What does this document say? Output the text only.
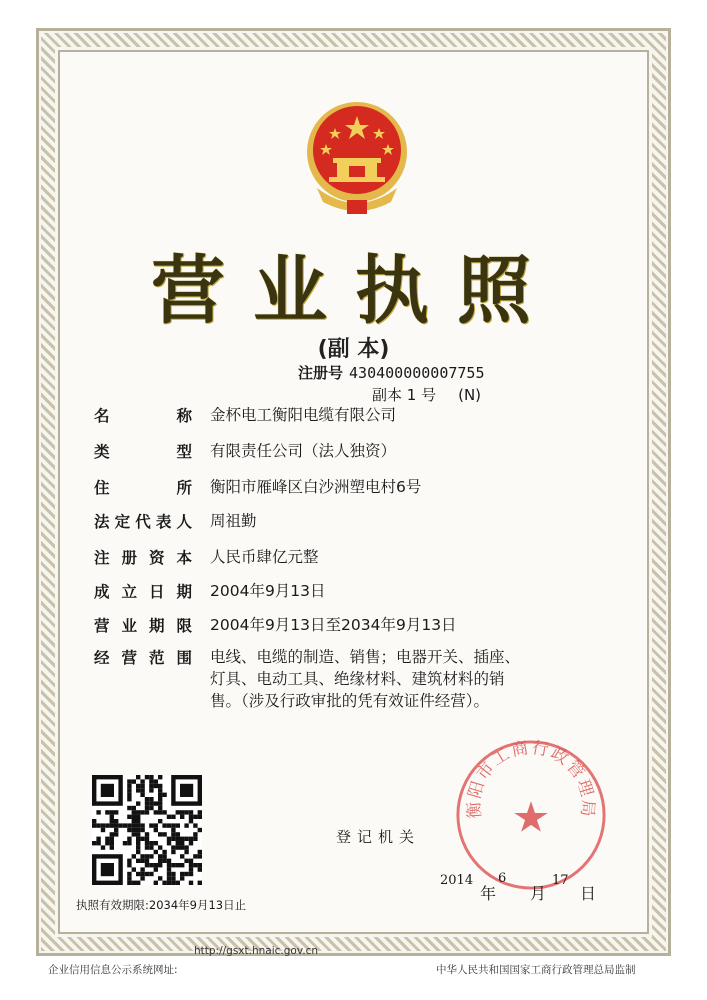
营业执照
(副 本)
注册号 430400000007755
副本 1 号 (N)
名	称 金杯电工衡阳电缆有限公司
类	型 有限责任公司（法人独资）
住	所 衡阳市雁峰区白沙洲塑电村6号
法 定 代 表 人 周祖勤
注 册 资 本 人民币肆亿元整
成 立 日 期 2004年9月13日
营 业 期 限 2004年9月13日至2034年9月13日
经 营 范 围 电线、电缆的制造、销售；电器开关、插座、灯具、电动工具、绝缘材料、建筑材料的销售。（涉及行政审批的凭有效证件经营）。
执照有效期限:2034年9月13日止
登记机关
衡阳市工商行政管理局
2014
年
6
月
17
日
http://gsxt.hnaic.gov.cn
企业信用信息公示系统网址:	中华人民共和国国家工商行政管理总局监制
